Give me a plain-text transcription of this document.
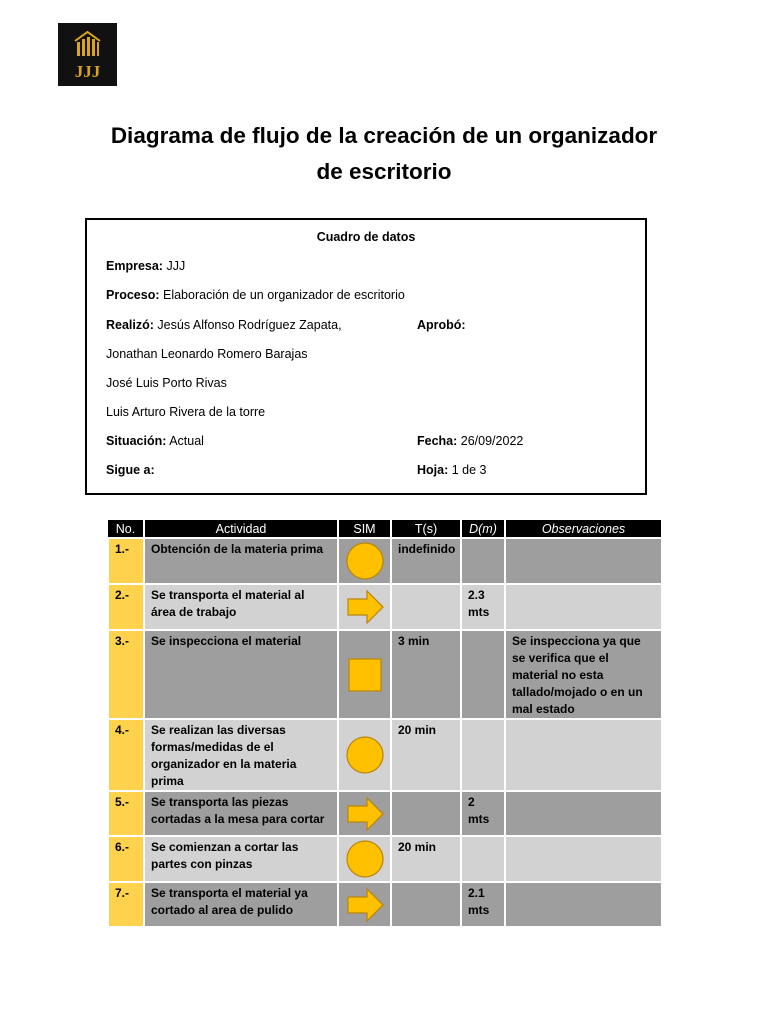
JJJ
Diagrama de flujo de la creación de un organizador de escritorio
Cuadro de datos
Empresa: JJJ
Proceso: Elaboración de un organizador de escritorio
Realizó: Jesús Alfonso Rodríguez Zapata,	Aprobó:
Jonathan Leonardo Romero Barajas
José Luis Porto Rivas
Luis Arturo Rivera de la torre
Situación: Actual	Fecha: 26/09/2022
Sigue a:	Hoja: 1 de 3
No.	Actividad	SIM	T(s)	D(m)	Observaciones
1.-	Obtención de la materia prima		indefinido		
2.-	Se transporta el material al área de trabajo			2.3 mts	
3.-	Se inspecciona el material		3 min		Se inspecciona ya que se verifica que el material no esta tallado/mojado o en un mal estado
4.-	Se realizan las diversas formas/medidas de el organizador en la materia prima		20 min		
5.-	Se transporta las piezas cortadas a la mesa para cortar			2 mts	
6.-	Se comienzan a cortar las partes con pinzas		20 min		
7.-	Se transporta el material ya cortado al area de pulido			2.1 mts	
